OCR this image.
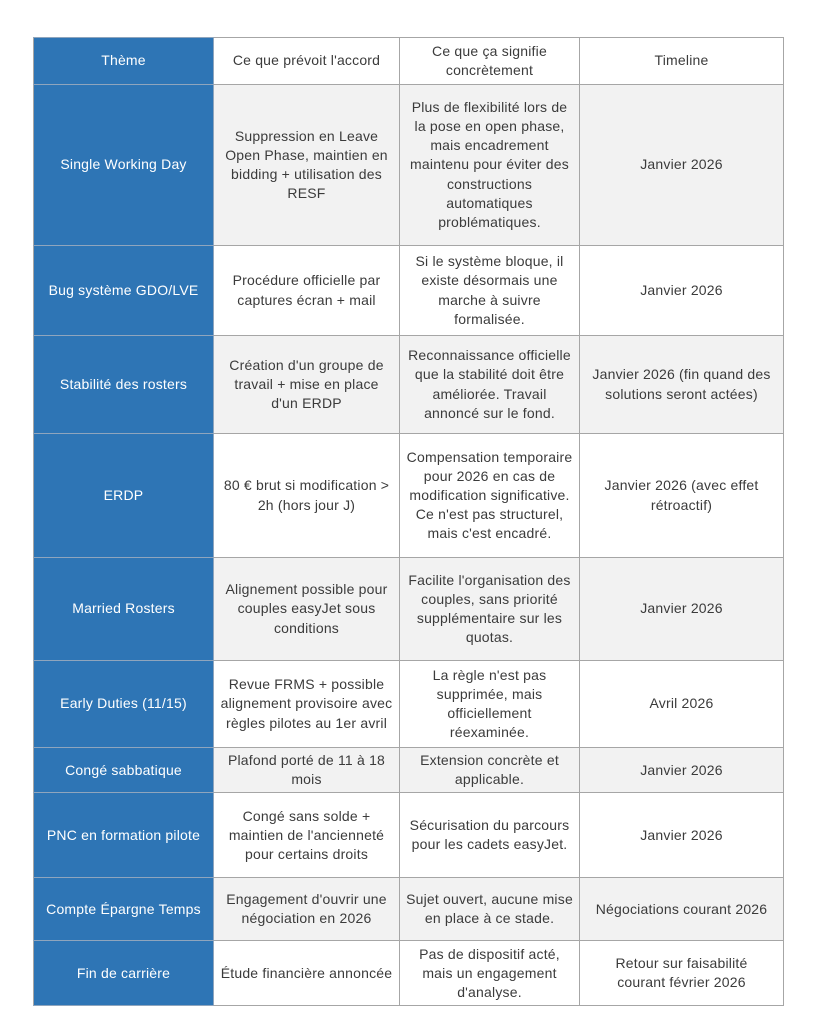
Thème	Ce que prévoit l'accord	Ce que ça signifie concrètement	Timeline
Single Working Day	Suppression en Leave Open Phase, maintien en bidding + utilisation des RESF	Plus de flexibilité lors de la pose en open phase, mais encadrement maintenu pour éviter des constructions automatiques problématiques.	Janvier 2026
Bug système GDO/LVE	Procédure officielle par captures écran + mail	Si le système bloque, il existe désormais une marche à suivre formalisée.	Janvier 2026
Stabilité des rosters	Création d'un groupe de travail + mise en place d'un ERDP	Reconnaissance officielle que la stabilité doit être améliorée. Travail annoncé sur le fond.	Janvier 2026 (fin quand des solutions seront actées)
ERDP	80 € brut si modification > 2h (hors jour J)	Compensation temporaire pour 2026 en cas de modification significative. Ce n'est pas structurel, mais c'est encadré.	Janvier 2026 (avec effet rétroactif)
Married Rosters	Alignement possible pour couples easyJet sous conditions	Facilite l'organisation des couples, sans priorité supplémentaire sur les quotas.	Janvier 2026
Early Duties (11/15)	Revue FRMS + possible alignement provisoire avec règles pilotes au 1er avril	La règle n'est pas supprimée, mais officiellement réexaminée.	Avril 2026
Congé sabbatique	Plafond porté de 11 à 18 mois	Extension concrète et applicable.	Janvier 2026
PNC en formation pilote	Congé sans solde + maintien de l'ancienneté pour certains droits	Sécurisation du parcours pour les cadets easyJet.	Janvier 2026
Compte Épargne Temps	Engagement d'ouvrir une négociation en 2026	Sujet ouvert, aucune mise en place à ce stade.	Négociations courant 2026
Fin de carrière	Étude financière annoncée	Pas de dispositif acté, mais un engagement d'analyse.	Retour sur faisabilité courant février 2026
